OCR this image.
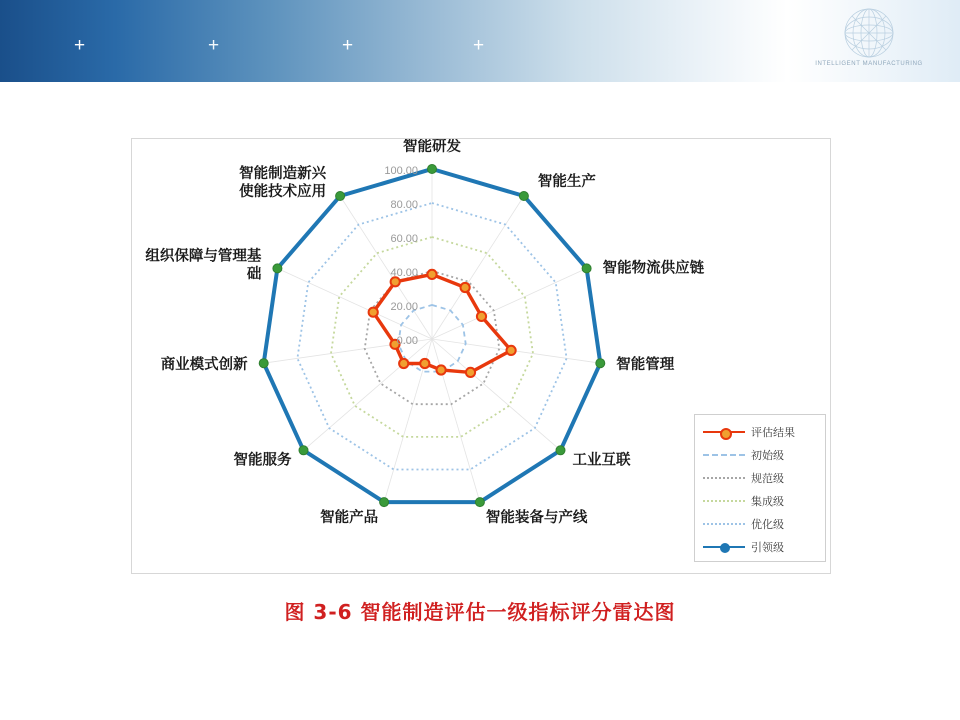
+	+	+	+
INTELLIGENT MANUFACTURING
0.00
20.00
40.00
60.00
80.00
100.00
智能研发
智能生产
智能物流供应链
智能管理
工业互联
智能装备与产线
智能产品
智能服务
商业模式创新
组织保障与管理基础
智能制造新兴使能技术应用
评估结果
初始级
规范级
集成级
优化级
引领级
图 3-6 智能制造评估一级指标评分雷达图
